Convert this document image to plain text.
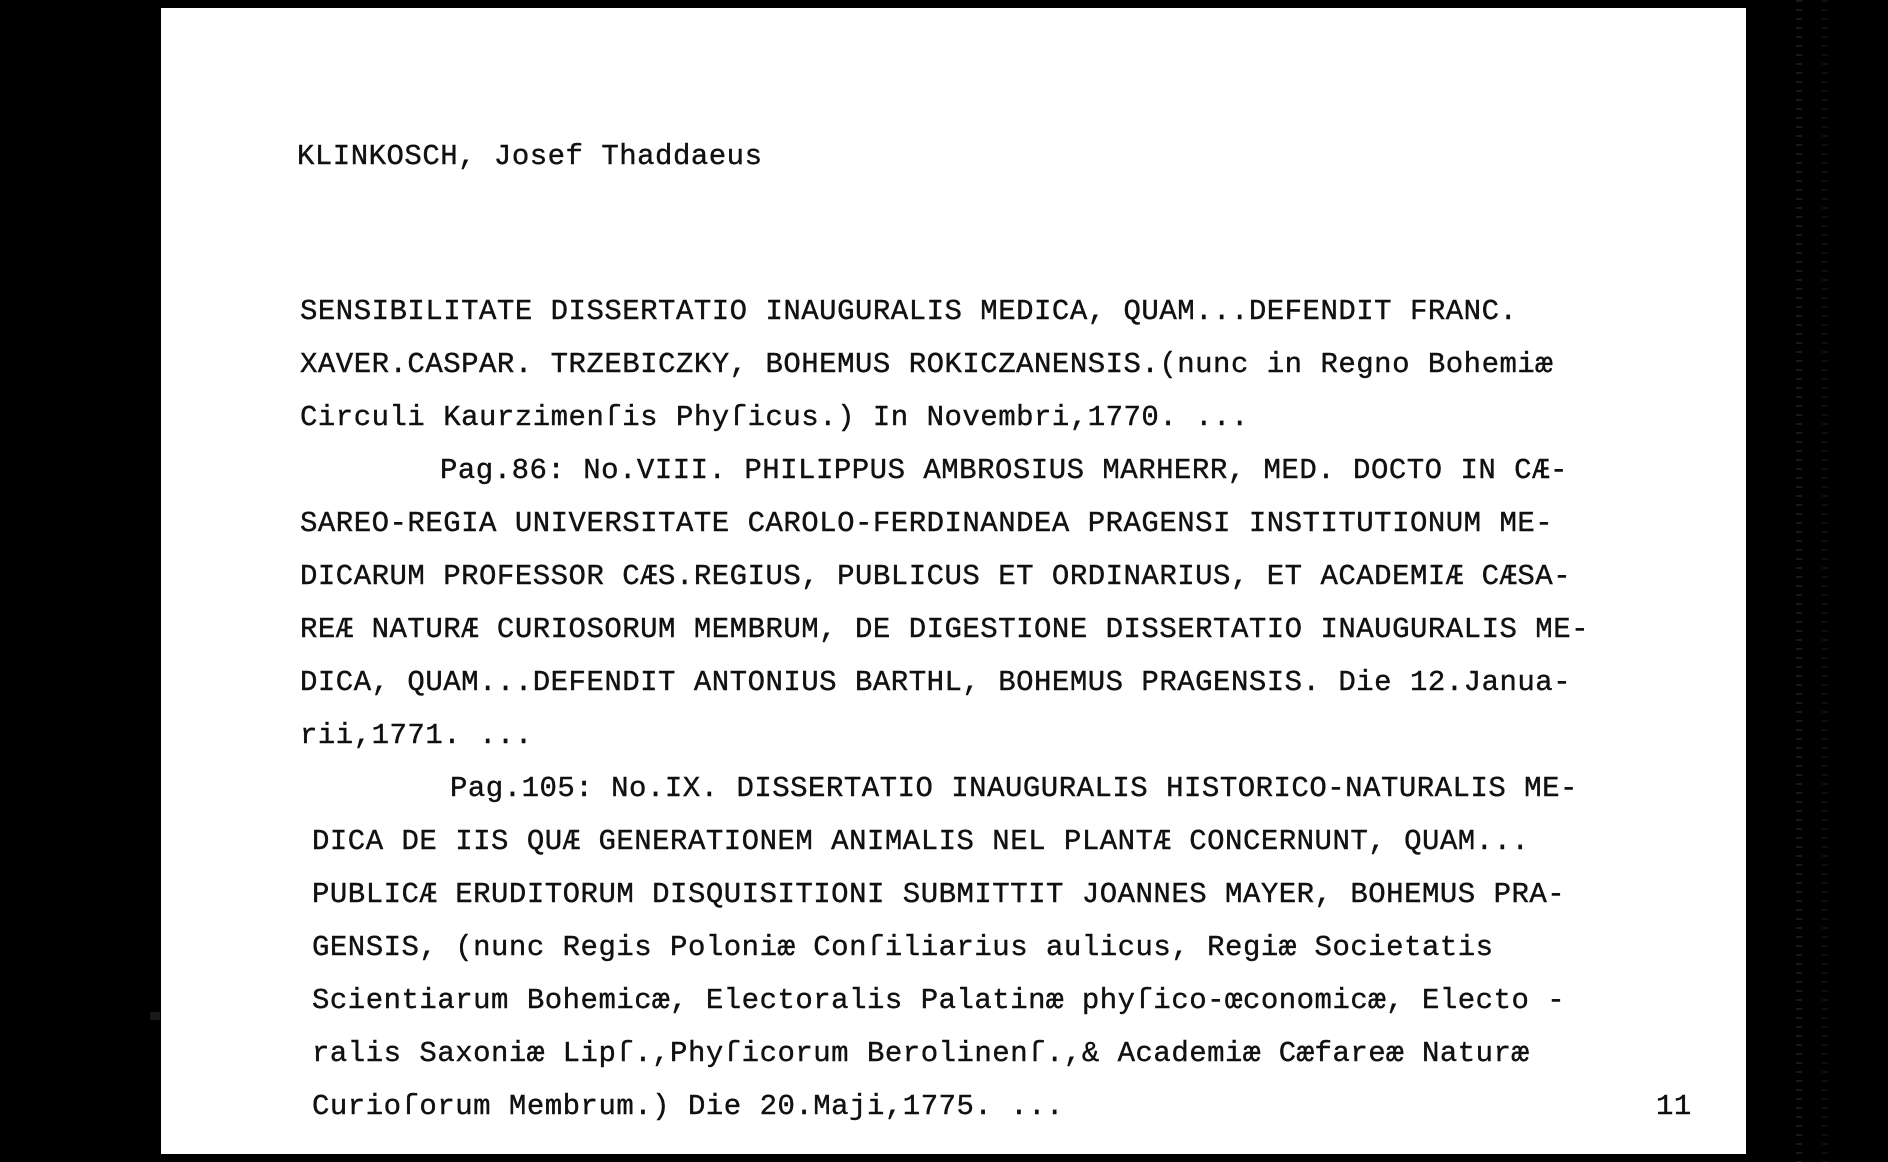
KLINKOSCH, Josef Thaddaeus
SENSIBILITATE DISSERTATIO INAUGURALIS MEDICA, QUAM...DEFENDIT FRANC.
XAVER.CASPAR. TRZEBICZKY, BOHEMUS ROKICZANENSIS.(nunc in Regno Bohemiæ
Circuli Kaurzimenſis Phyſicus.) In Novembri,1770. ...
Pag.86: No.VIII. PHILIPPUS AMBROSIUS MARHERR, MED. DOCTO IN CÆ-
SAREO-REGIA UNIVERSITATE CAROLO-FERDINANDEA PRAGENSI INSTITUTIONUM ME-
DICARUM PROFESSOR CÆS.REGIUS, PUBLICUS ET ORDINARIUS, ET ACADEMIÆ CÆSA-
REÆ NATURÆ CURIOSORUM MEMBRUM, DE DIGESTIONE DISSERTATIO INAUGURALIS ME-
DICA, QUAM...DEFENDIT ANTONIUS BARTHL, BOHEMUS PRAGENSIS. Die 12.Janua-
rii,1771. ...
Pag.105: No.IX. DISSERTATIO INAUGURALIS HISTORICO-NATURALIS ME-
DICA DE IIS QUÆ GENERATIONEM ANIMALIS NEL PLANTÆ CONCERNUNT, QUAM...
PUBLICÆ ERUDITORUM DISQUISITIONI SUBMITTIT JOANNES MAYER, BOHEMUS PRA-
GENSIS, (nunc Regis Poloniæ Conſiliarius aulicus, Regiæ Societatis
Scientiarum Bohemicæ, Electoralis Palatinæ phyſico-œconomicæ, Electo -
ralis Saxoniæ Lipſ.,Phyſicorum Berolinenſ.,& Academiæ Cæfareæ Naturæ
Curioſorum Membrum.) Die 20.Maji,1775. ...	11
